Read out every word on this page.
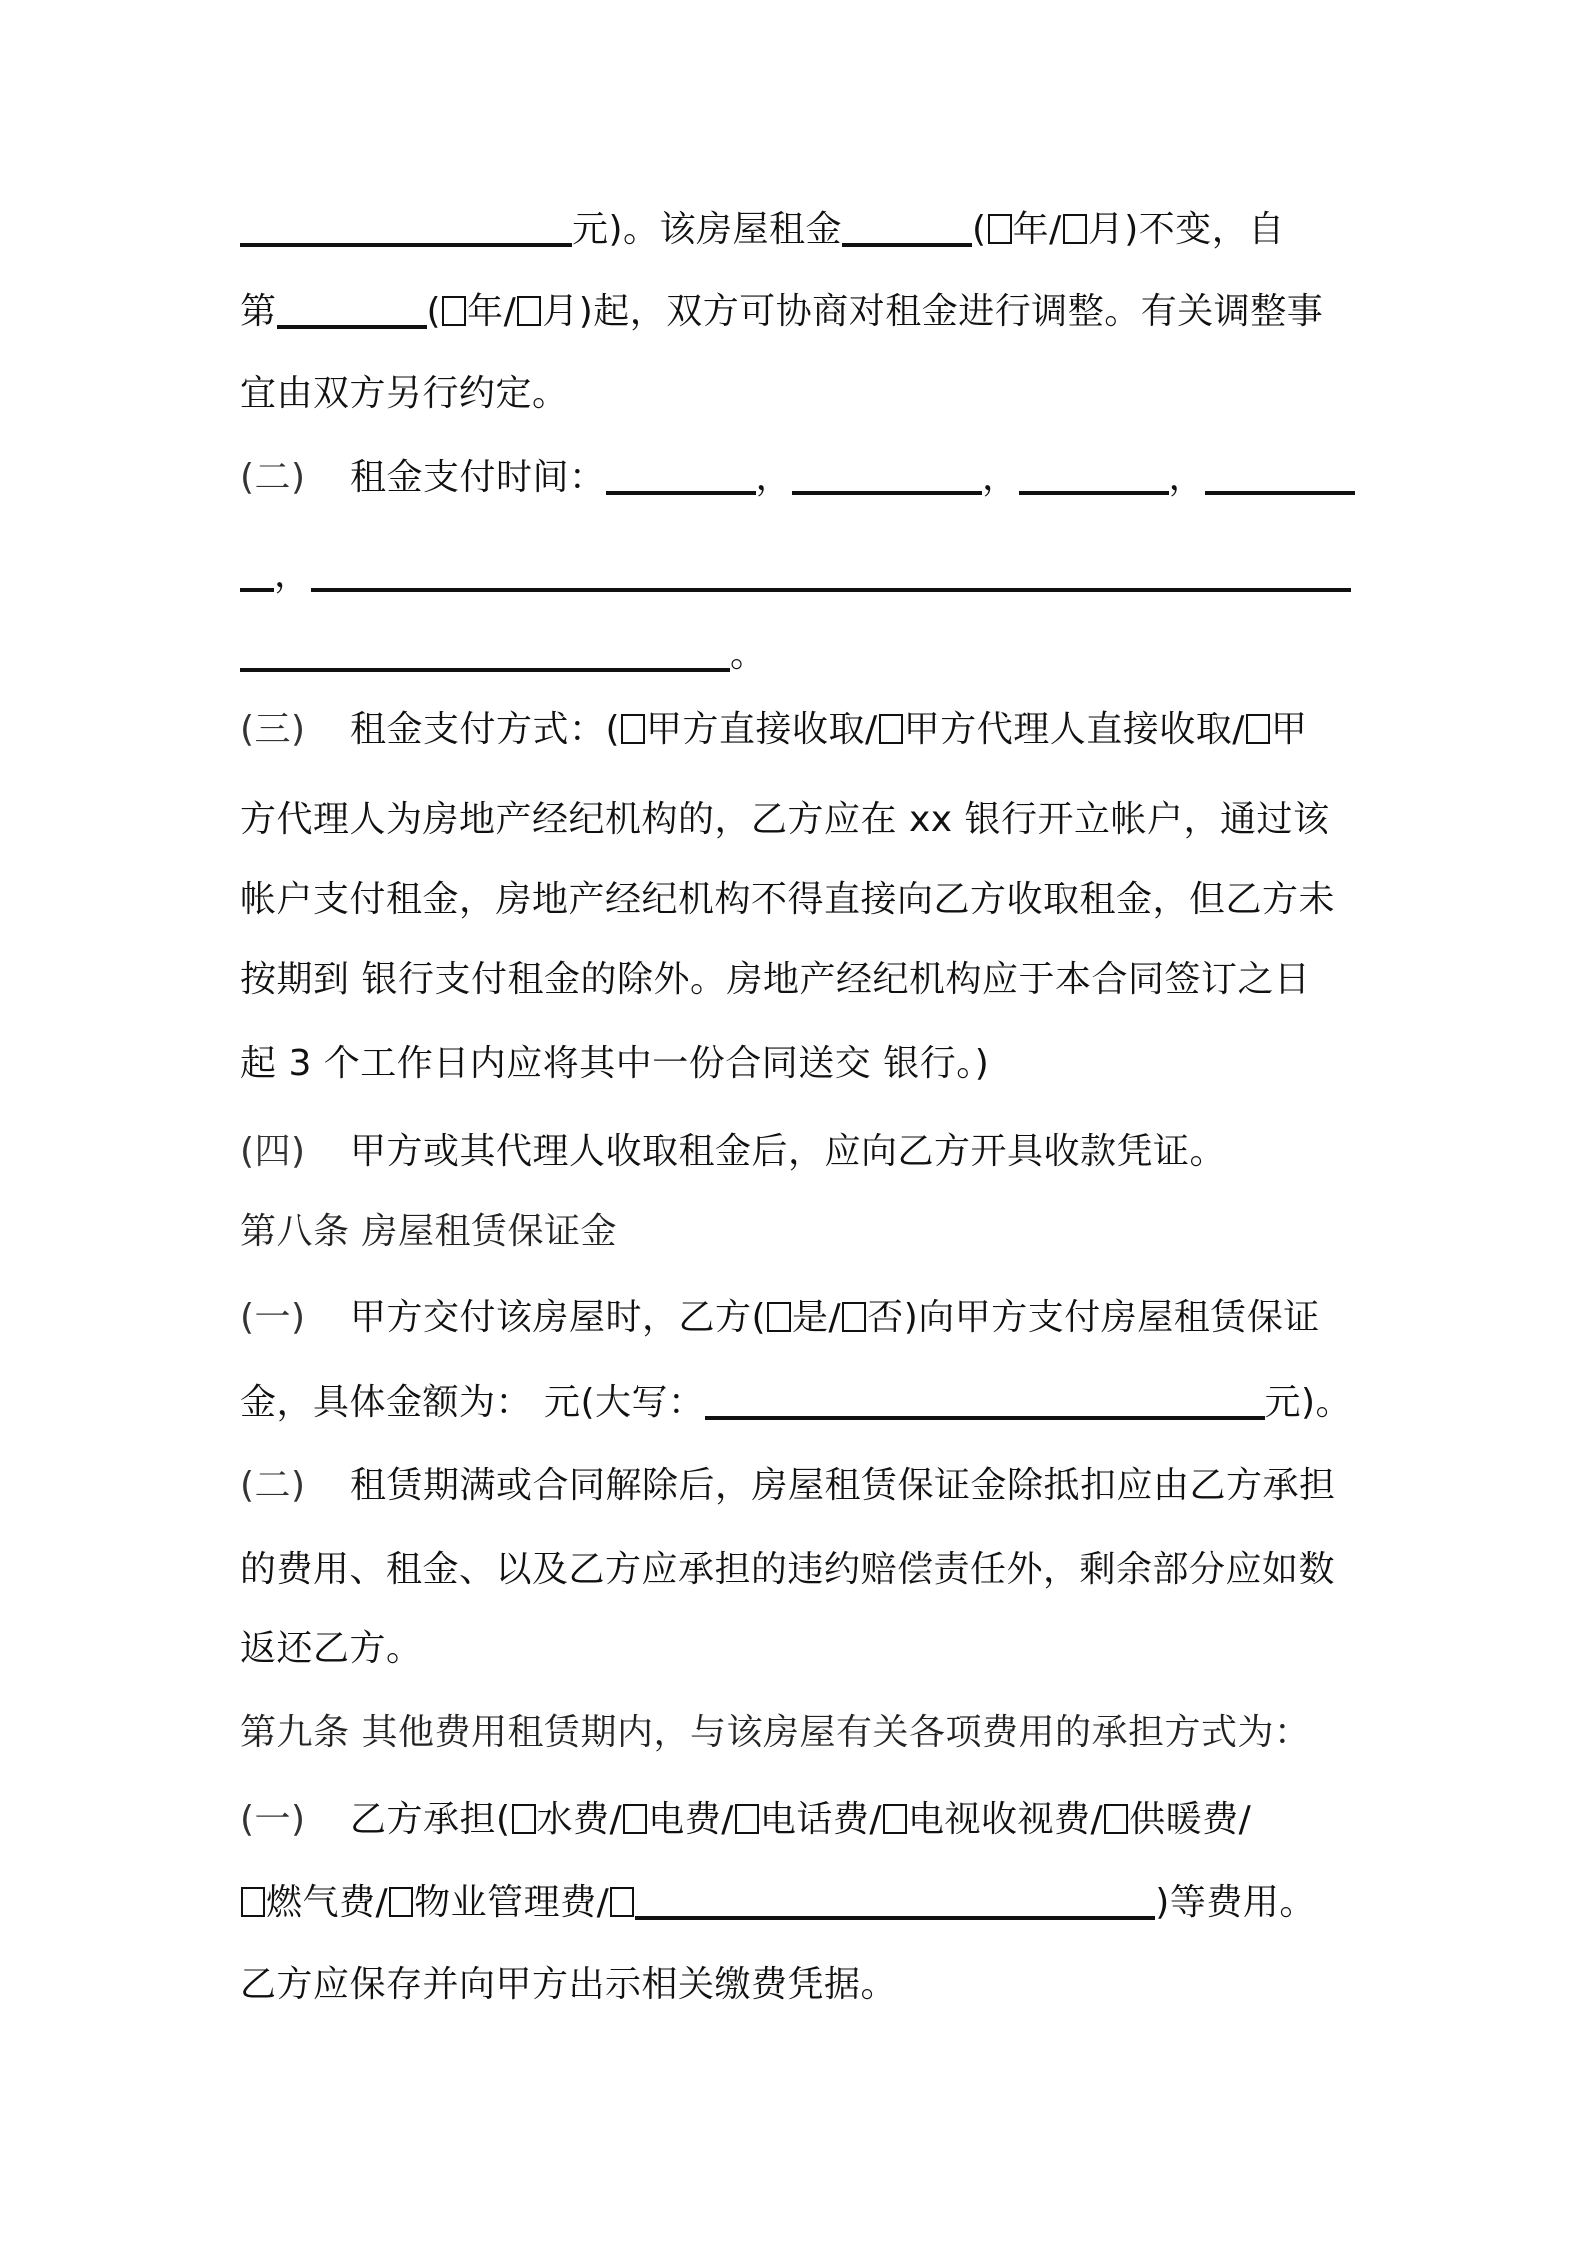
元)。该房屋租金	( 年/ 月)不变，自
第	( 年/ 月)起，双方可协商对租金进行调整。有关调整事
宜由双方另行约定。
(二) 租金支付时间：	，	，	，
，
。
(三) 租金支付方式：( 甲方直接收取/ 甲方代理人直接收取/ 甲
方代理人为房地产经纪机构的，乙方应在 xx 银行开立帐户，通过该
帐户支付租金，房地产经纪机构不得直接向乙方收取租金，但乙方未
按期到 银行支付租金的除外。房地产经纪机构应于本合同签订之日
起 3 个工作日内应将其中一份合同送交 银行。)
(四) 甲方或其代理人收取租金后，应向乙方开具收款凭证。
第八条 房屋租赁保证金
(一) 甲方交付该房屋时，乙方( 是/ 否)向甲方支付房屋租赁保证
金，具体金额为： 元(大写：	元)。
(二) 租赁期满或合同解除后，房屋租赁保证金除抵扣应由乙方承担
的费用、租金、以及乙方应承担的违约赔偿责任外，剩余部分应如数
返还乙方。
第九条 其他费用租赁期内，与该房屋有关各项费用的承担方式为：
(一) 乙方承担( 水费/ 电费/ 电话费/ 电视收视费/ 供暖费/
燃气费/ 物业管理费/	)等费用。
乙方应保存并向甲方出示相关缴费凭据。
